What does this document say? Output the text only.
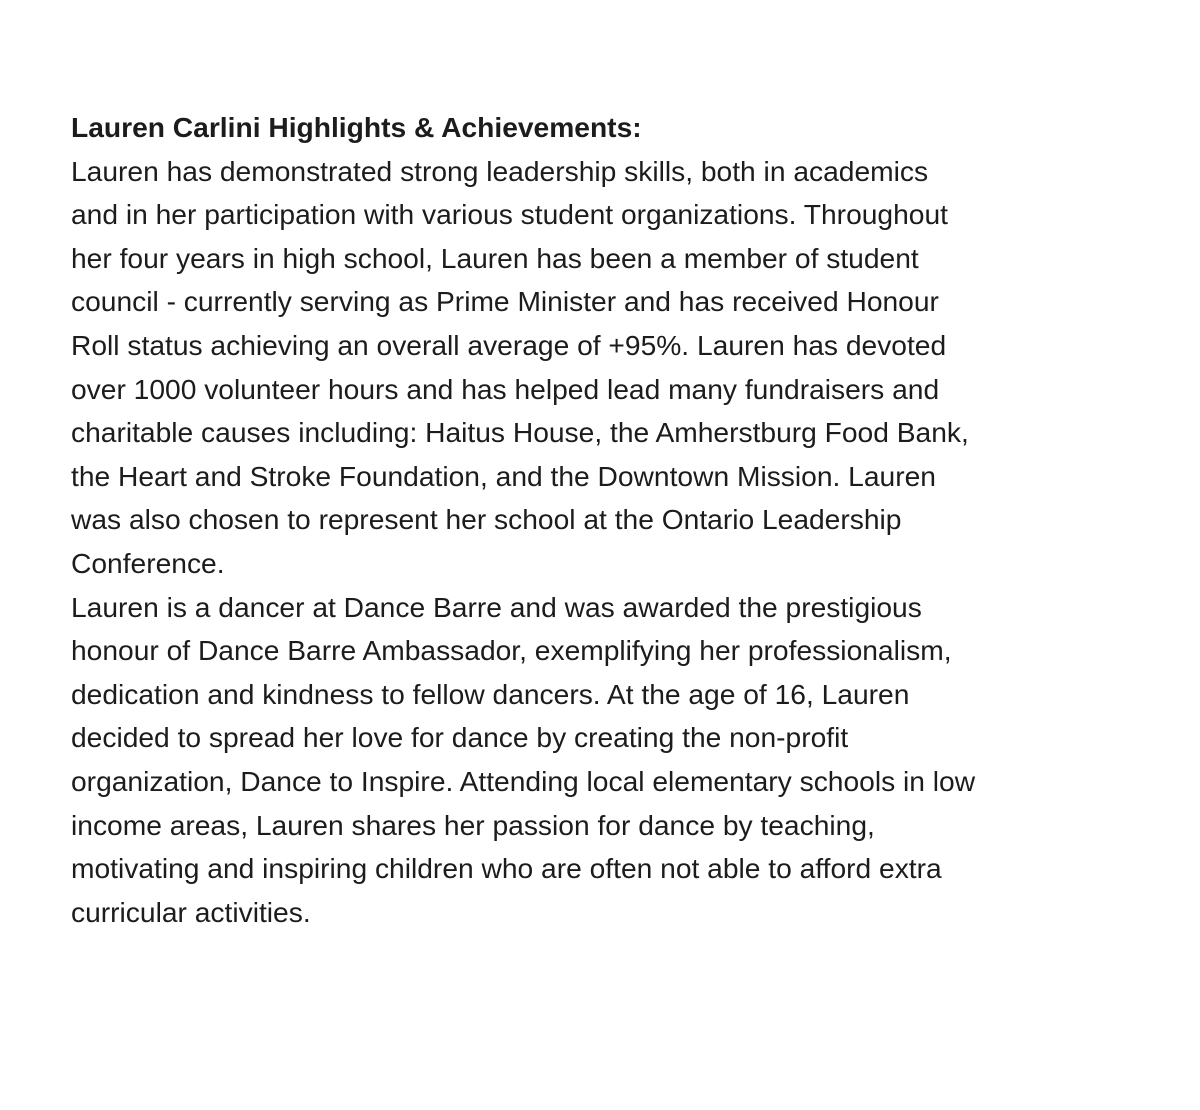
Lauren Carlini Highlights & Achievements:

Lauren has demonstrated strong leadership skills, both in academics
and in her participation with various student organizations. Throughout
her four years in high school, Lauren has been a member of student
council - currently serving as Prime Minister and has received Honour
Roll status achieving an overall average of +95%. Lauren has devoted
over 1000 volunteer hours and has helped lead many fundraisers and
charitable causes including: Haitus House, the Amherstburg Food Bank,
the Heart and Stroke Foundation, and the Downtown Mission. Lauren
was also chosen to represent her school at the Ontario Leadership
Conference.

Lauren is a dancer at Dance Barre and was awarded the prestigious
honour of Dance Barre Ambassador, exemplifying her professionalism,
dedication and kindness to fellow dancers. At the age of 16, Lauren
decided to spread her love for dance by creating the non-profit
organization, Dance to Inspire. Attending local elementary schools in low
income areas, Lauren shares her passion for dance by teaching,
motivating and inspiring children who are often not able to afford extra
curricular activities.
